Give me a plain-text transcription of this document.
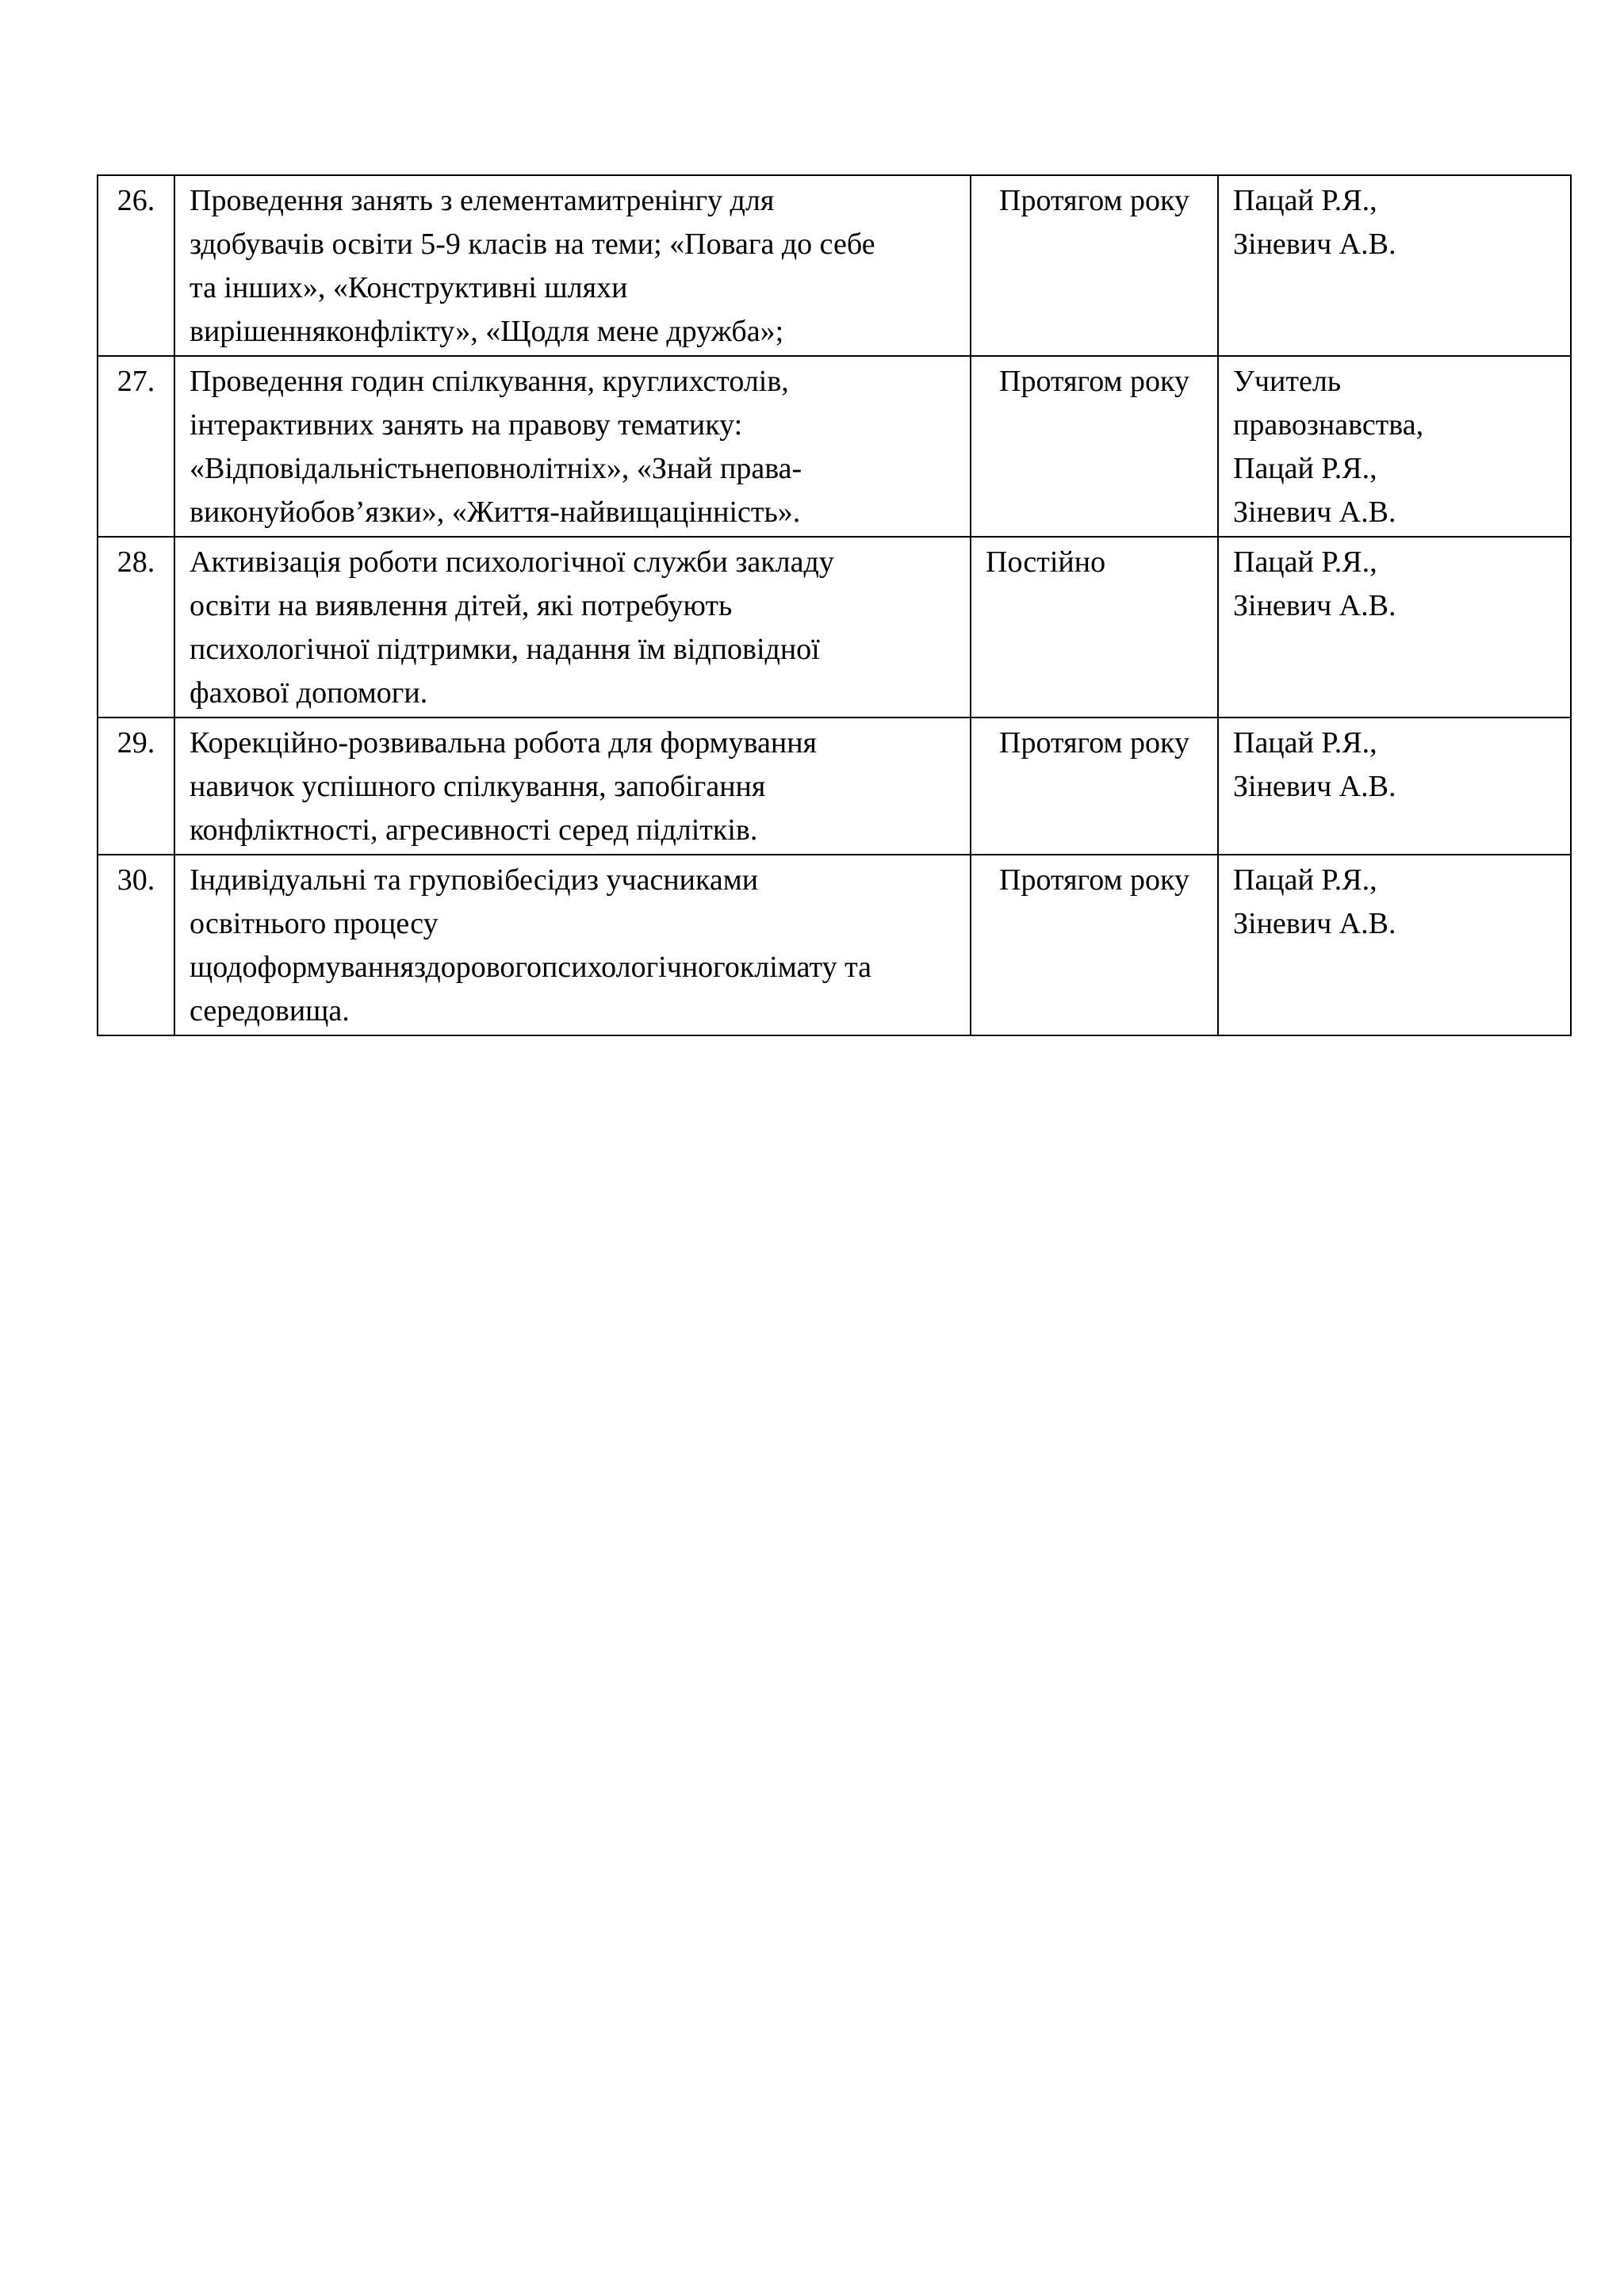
26.	Проведення занять з елементамитренінгу для
здобувачів освіти 5-9 класів на теми; «Повага до себе
та інших», «Конструктивні шляхи
вирішенняконфлікту», «Щодля мене дружба»;	Протягом року	Пацай Р.Я.,
Зіневич А.В.

27.	Проведення годин спілкування, круглихстолів,
інтерактивних занять на правову тематику:
«Відповідальністьнеповнолітніх», «Знай права-
виконуйобов’язки», «Життя-найвищацінність».	Протягом року	Учитель
правознавства,
Пацай Р.Я.,
Зіневич А.В.

28.	Активізація роботи психологічної служби закладу
освіти на виявлення дітей, які потребують
психологічної підтримки, надання їм відповідної
фахової допомоги.	Постійно	Пацай Р.Я.,
Зіневич А.В.

29.	Корекційно-розвивальна робота для формування
навичок успішного спілкування, запобігання
конфліктності, агресивності серед підлітків.	Протягом року	Пацай Р.Я.,
Зіневич А.В.

30.	Індивідуальні та груповібесідиз учасниками
освітнього процесу
щодоформуванняздоровогопсихологічногоклімату та
середовища.	Протягом року	Пацай Р.Я.,
Зіневич А.В.
